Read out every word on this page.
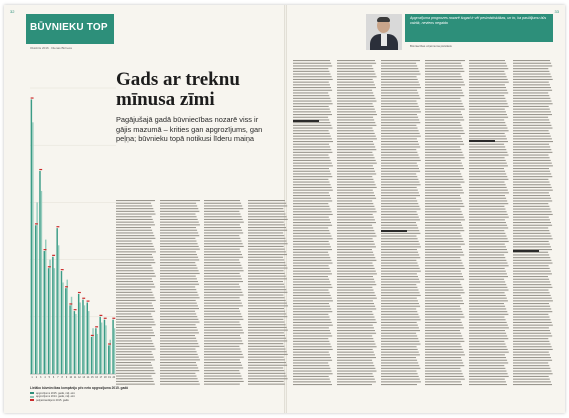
BŪVNIEKU TOP
Oktobris 2016 · Dienas Bizness
32	33
1 2 3 4 5 6 7 8 9 10 11 12 13 14 15 16 17 18 19 20
Gads ar treknu mīnusa zīmi
Pagājušajā gadā būvniecības nozarē viss ir gājis mazumā – krities gan apgrozījums, gan peļņa; būvnieku topā notikusi līderu maiņa
Lielāko būvniecības kompāniju pēc neto apgrozījuma 2015. gadā
apgrozījums 2015. gadā, milj. eiro
apgrozījums 2014. gadā, milj. eiro
peļņa/zaudējumi 2015. gadā
Apgrozījuma prognozes nozarē šogad ir vēl pesimistiskākas, un to, ka pasūtījumu būs vairāk, neviens negaida
Būvniecības uzņēmuma pārstāvis
